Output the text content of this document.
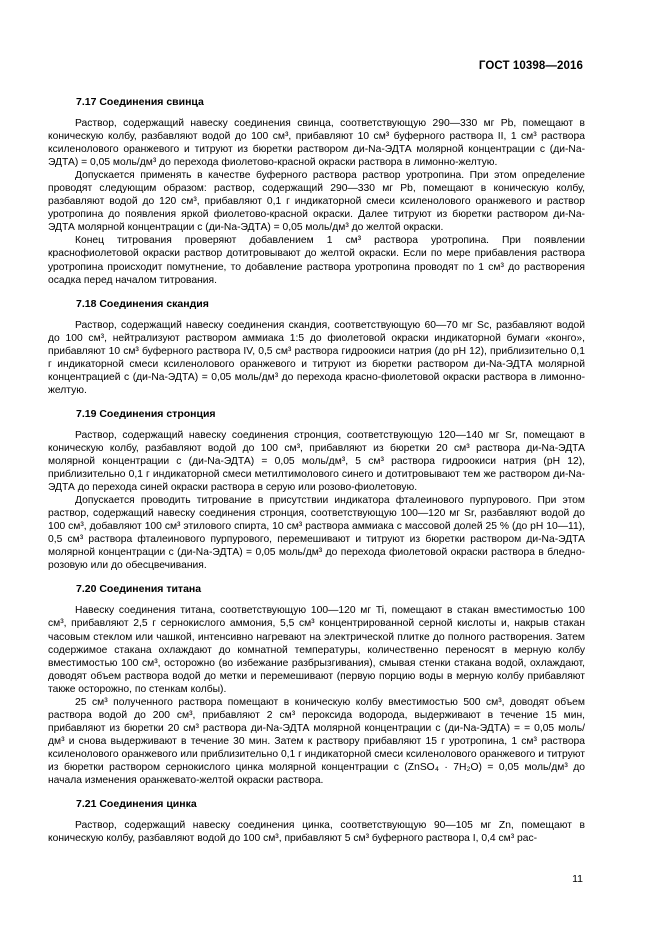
ГОСТ 10398—2016
7.17 Соединения свинца

Раствор, содержащий навеску соединения свинца, соответствующую 290—330 мг Pb, помещают в коническую колбу, разбавляют водой до 100 см³, прибавляют 10 см³ буферного раствора II, 1 см³ раствора ксиленолового оранжевого и титруют из бюретки раствором ди-Na-ЭДТА молярной концентрации с (ди-Na-ЭДТА) = 0,05 моль/дм³ до перехода фиолетово-красной окраски раствора в лимонно-желтую.

Допускается применять в качестве буферного раствора раствор уротропина. При этом определение проводят следующим образом: раствор, содержащий 290—330 мг Pb, помещают в коническую колбу, разбавляют водой до 120 см³, прибавляют 0,1 г индикаторной смеси ксиленолового оранжевого и раствор уротропина до появления яркой фиолетово-красной окраски. Далее титруют из бюретки раствором ди-Na-ЭДТА молярной концентрации с (ди-Na-ЭДТА) = 0,05 моль/дм³ до желтой окраски.

Конец титрования проверяют добавлением 1 см³ раствора уротропина. При появлении краснофиолетовой окраски раствор дотитровывают до желтой окраски. Если по мере прибавления раствора уротропина происходит помутнение, то добавление раствора уротропина проводят по 1 см³ до растворения осадка перед началом титрования.

7.18 Соединения скандия

Раствор, содержащий навеску соединения скандия, соответствующую 60—70 мг Sc, разбавляют водой до 100 см³, нейтрализуют раствором аммиака 1:5 до фиолетовой окраски индикаторной бумаги «конго», прибавляют 10 см³ буферного раствора IV, 0,5 см³ раствора гидроокиси натрия (до pH 12), приблизительно 0,1 г индикаторной смеси ксиленолового оранжевого и титруют из бюретки раствором ди-Na-ЭДТА молярной концентрацией с (ди-Na-ЭДТА) = 0,05 моль/дм³ до перехода красно-фиолетовой окраски раствора в лимонно-желтую.

7.19 Соединения стронция

Раствор, содержащий навеску соединения стронция, соответствующую 120—140 мг Sr, помещают в коническую колбу, разбавляют водой до 100 см³, прибавляют из бюретки 20 см³ раствора ди-Na-ЭДТА молярной концентрации с (ди-Na-ЭДТА) = 0,05 моль/дм³, 5 см³ раствора гидроокиси натрия (pH 12), приблизительно 0,1 г индикаторной смеси метилтимолового синего и дотитровывают тем же раствором ди-Na-ЭДТА до перехода синей окраски раствора в серую или розово-фиолетовую.

Допускается проводить титрование в присутствии индикатора фталеинового пурпурового. При этом раствор, содержащий навеску соединения стронция, соответствующую 100—120 мг Sr, разбавляют водой до 100 см³, добавляют 100 см³ этилового спирта, 10 см³ раствора аммиака с массовой долей 25 % (до pH 10—11), 0,5 см³ раствора фталеинового пурпурового, перемешивают и титруют из бюретки раствором ди-Na-ЭДТА молярной концентрации с (ди-Na-ЭДТА) = 0,05 моль/дм³ до перехода фиолетовой окраски раствора в бледно-розовую или до обесцвечивания.

7.20 Соединения титана

Навеску соединения титана, соответствующую 100—120 мг Ti, помещают в стакан вместимостью 100 см³, прибавляют 2,5 г сернокислого аммония, 5,5 см³ концентрированной серной кислоты и, накрыв стакан часовым стеклом или чашкой, интенсивно нагревают на электрической плитке до полного растворения. Затем содержимое стакана охлаждают до комнатной температуры, количественно переносят в мерную колбу вместимостью 100 см³, осторожно (во избежание разбрызгивания), смывая стенки стакана водой, охлаждают, доводят объем раствора водой до метки и перемешивают (первую порцию воды в мерную колбу прибавляют также осторожно, по стенкам колбы).

25 см³ полученного раствора помещают в коническую колбу вместимостью 500 см³, доводят объем раствора водой до 200 см³, прибавляют 2 см³ пероксида водорода, выдерживают в течение 15 мин, прибавляют из бюретки 20 см³ раствора ди-Na-ЭДТА молярной концентрации с (ди-Na-ЭДТА) = = 0,05 моль/дм³ и снова выдерживают в течение 30 мин. Затем к раствору прибавляют 15 г уротропина, 1 см³ раствора ксиленолового оранжевого или приблизительно 0,1 г индикаторной смеси ксиленолового оранжевого и титруют из бюретки раствором сернокислого цинка молярной концентрации с (ZnSO₄ · 7H₂O) = 0,05 моль/дм³ до начала изменения оранжевато-желтой окраски раствора.

7.21 Соединения цинка

Раствор, содержащий навеску соединения цинка, соответствующую 90—105 мг Zn, помещают в коническую колбу, разбавляют водой до 100 см³, прибавляют 5 см³ буферного раствора I, 0,4 см³ рас-

11
